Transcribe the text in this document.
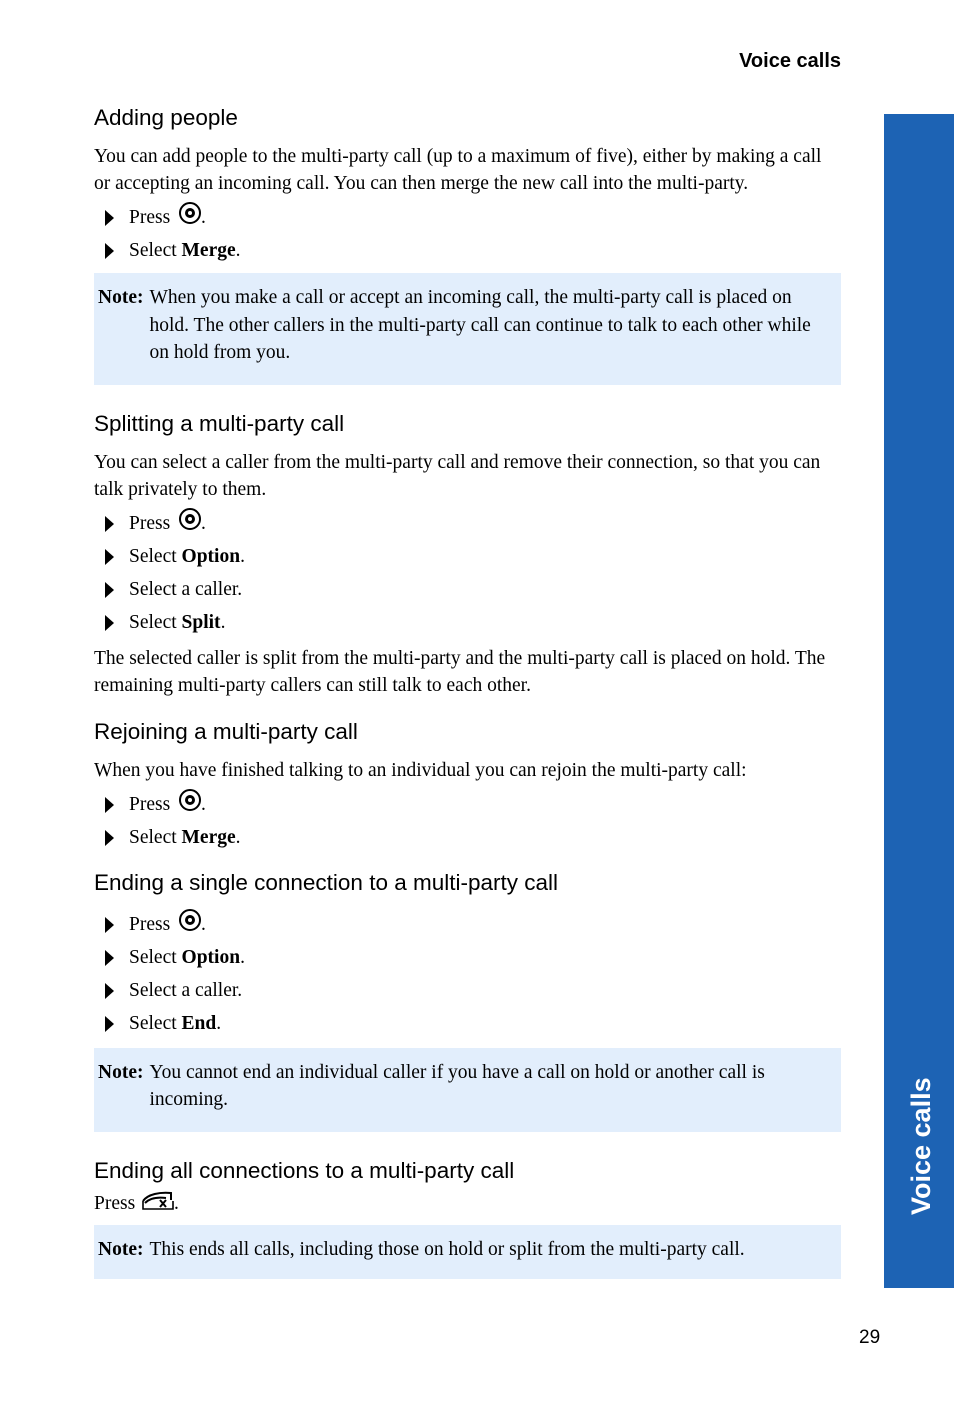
Voice calls
Voice calls
Adding people

You can add people to the multi-party call (up to a maximum of five), either by making a call or accepting an incoming call. You can then merge the new call into the multi-party.

Press .
Select Merge.
Note: When you make a call or accept an incoming call, the multi-party call is placed on hold. The other callers in the multi-party call can continue to talk to each other while on hold from you.
Splitting a multi-party call

You can select a caller from the multi-party call and remove their connection, so that you can talk privately to them.

Press .
Select Option.
Select a caller.
Select Split.

The selected caller is split from the multi-party and the multi-party call is placed on hold. The remaining multi-party callers can still talk to each other.

Rejoining a multi-party call

When you have finished talking to an individual you can rejoin the multi-party call:

Press .
Select Merge.
Ending a single connection to a multi-party call
Press .
Select Option.
Select a caller.
Select End.
Note: You cannot end an individual caller if you have a call on hold or another call is incoming.
Ending all connections to a multi-party call

Press .

Note: This ends all calls, including those on hold or split from the multi-party call.
29
